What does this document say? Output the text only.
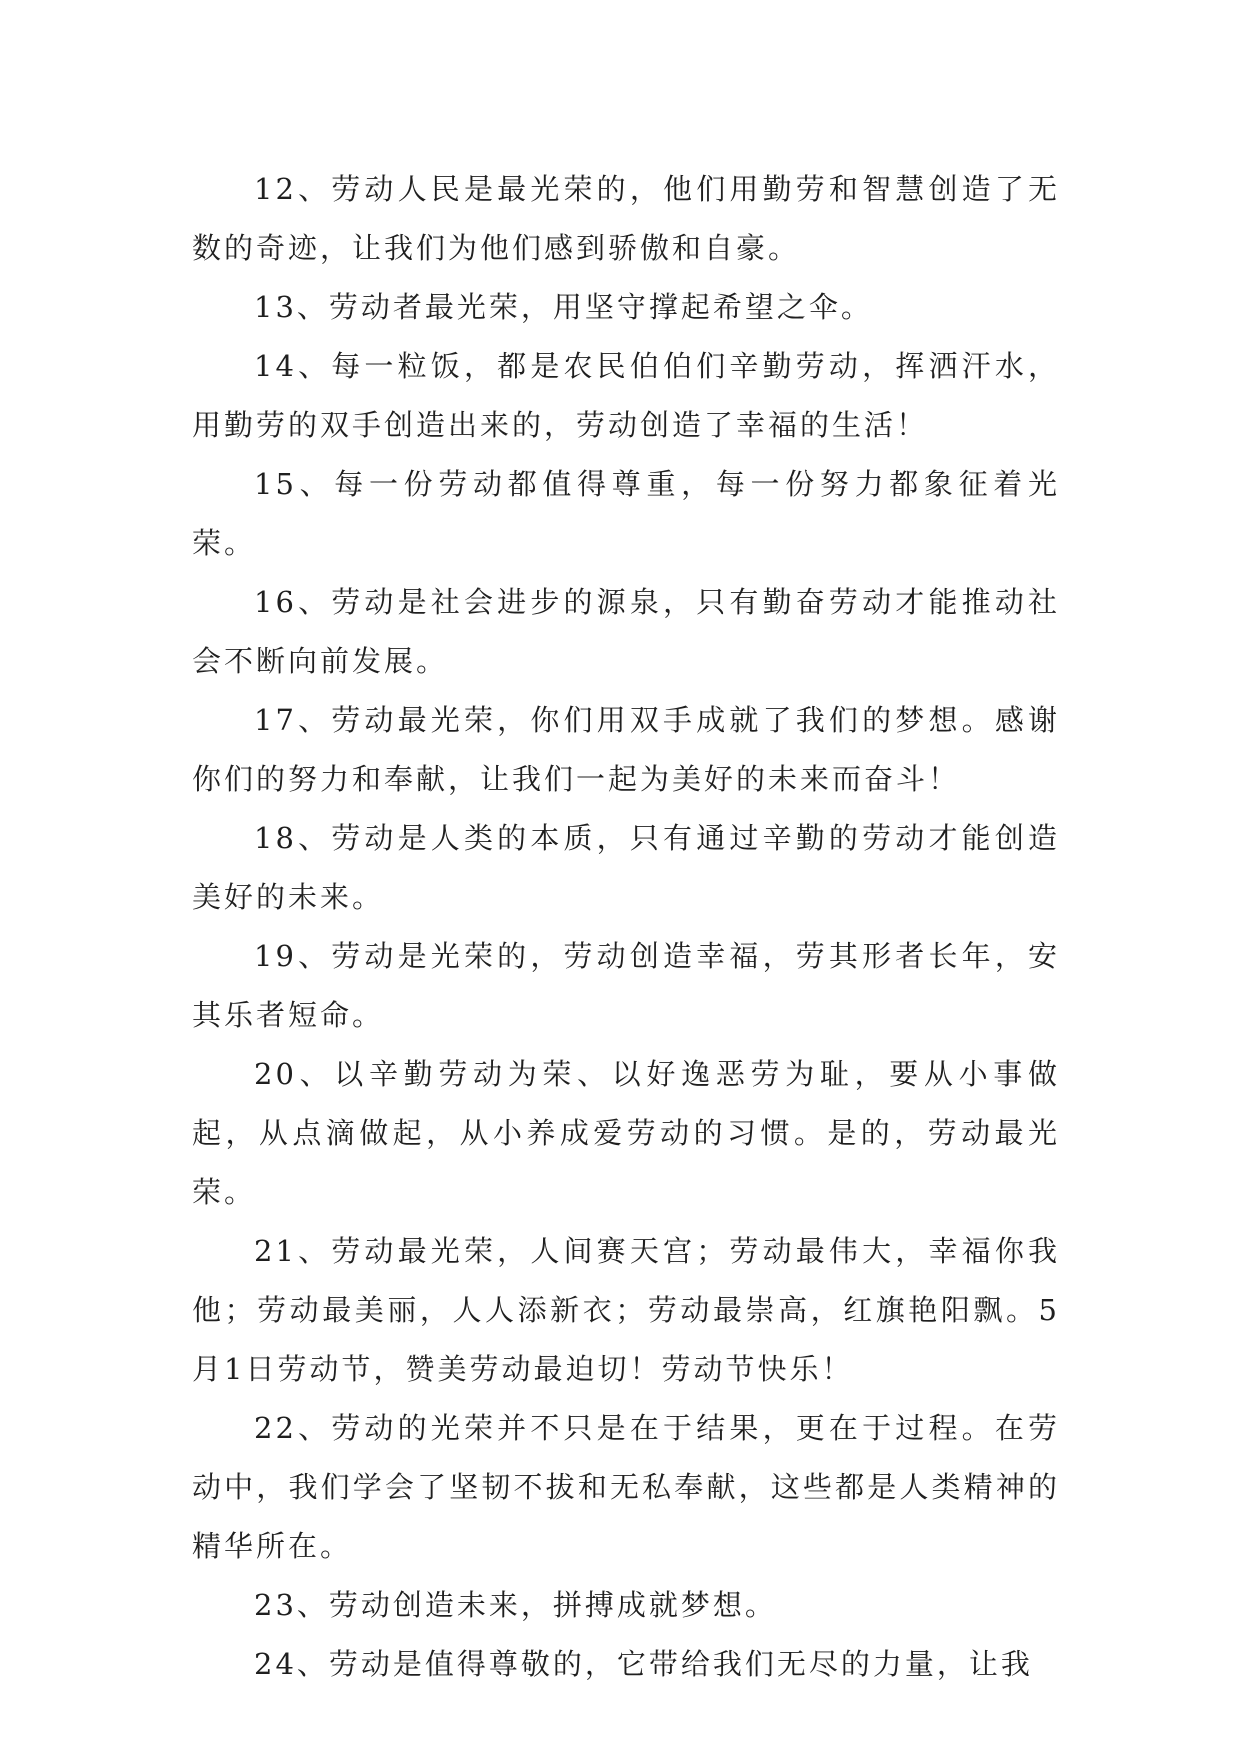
12、劳动人民是最光荣的，他们用勤劳和智慧创造了无数的奇迹，让我们为他们感到骄傲和自豪。

13、劳动者最光荣，用坚守撑起希望之伞。

14、每一粒饭，都是农民伯伯们辛勤劳动，挥洒汗水，用勤劳的双手创造出来的，劳动创造了幸福的生活！

15、每一份劳动都值得尊重，每一份努力都象征着光荣。

16、劳动是社会进步的源泉，只有勤奋劳动才能推动社会不断向前发展。

17、劳动最光荣，你们用双手成就了我们的梦想。感谢你们的努力和奉献，让我们一起为美好的未来而奋斗！

18、劳动是人类的本质，只有通过辛勤的劳动才能创造美好的未来。

19、劳动是光荣的，劳动创造幸福，劳其形者长年，安其乐者短命。

20、以辛勤劳动为荣、以好逸恶劳为耻，要从小事做起，从点滴做起，从小养成爱劳动的习惯。是的，劳动最光荣。

21、劳动最光荣，人间赛天宫；劳动最伟大，幸福你我他；劳动最美丽，人人添新衣；劳动最崇高，红旗艳阳飘。5月1日劳动节，赞美劳动最迫切！劳动节快乐！

22、劳动的光荣并不只是在于结果，更在于过程。在劳动中，我们学会了坚韧不拔和无私奉献，这些都是人类精神的精华所在。

23、劳动创造未来，拼搏成就梦想。

24、劳动是值得尊敬的，它带给我们无尽的力量，让我
